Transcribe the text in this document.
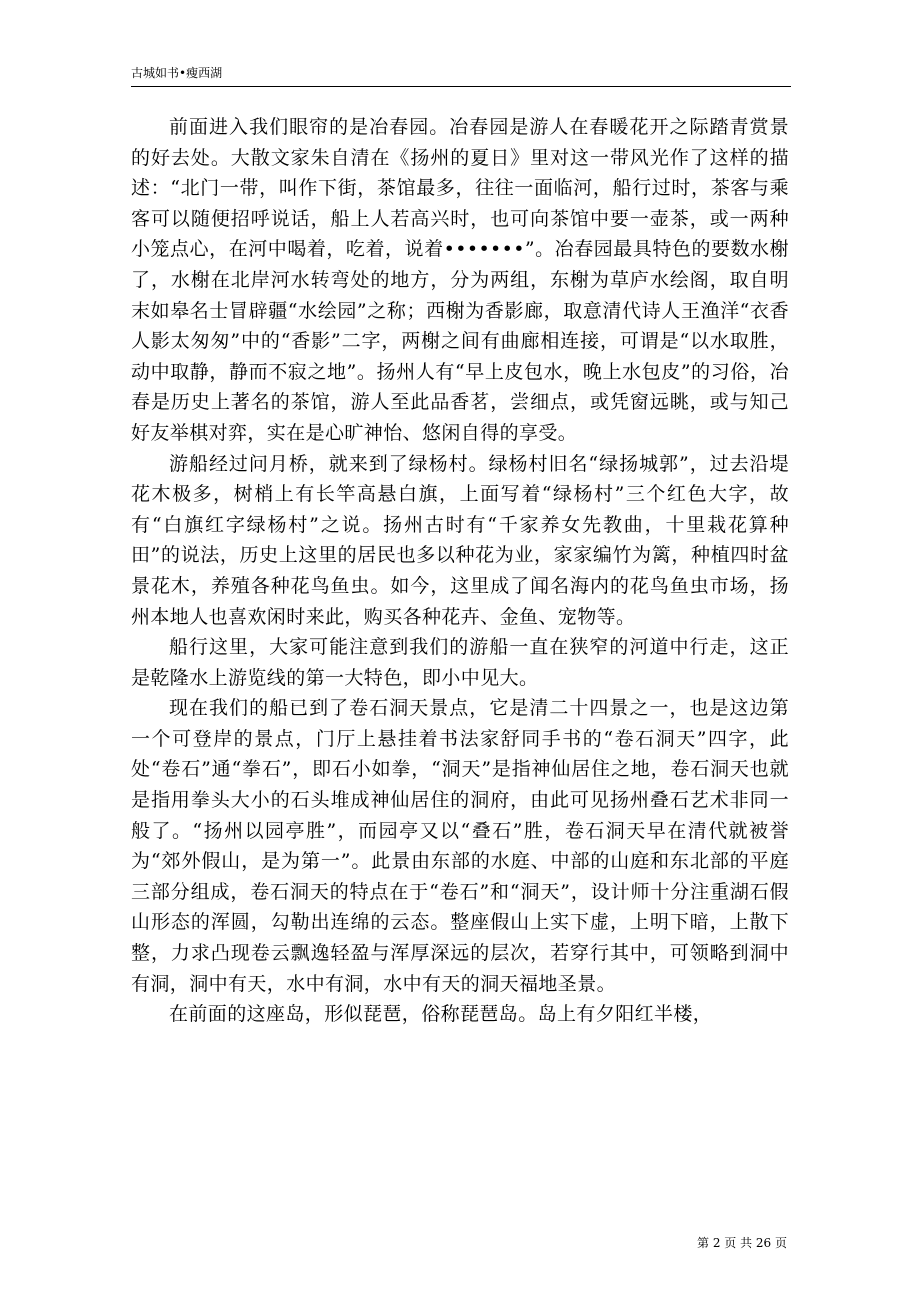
古城如书•瘦西湖

前面进入我们眼帘的是冶春园。冶春园是游人在春暖花开之际踏青赏景的好去处。大散文家朱自清在《扬州的夏日》里对这一带风光作了这样的描述：“北门一带，叫作下街，茶馆最多，往往一面临河，船行过时，茶客与乘客可以随便招呼说话，船上人若高兴时，也可向茶馆中要一壶茶，或一两种小笼点心，在河中喝着，吃着，说着•••••••”。冶春园最具特色的要数水榭了，水榭在北岸河水转弯处的地方，分为两组，东榭为草庐水绘阁，取自明末如皋名士冒辟疆“水绘园”之称；西榭为香影廊，取意清代诗人王渔洋“衣香人影太匆匆”中的“香影”二字，两榭之间有曲廊相连接，可谓是“以水取胜，动中取静，静而不寂之地”。扬州人有“早上皮包水，晚上水包皮”的习俗，冶春是历史上著名的茶馆，游人至此品香茗，尝细点，或凭窗远眺，或与知己好友举棋对弈，实在是心旷神怡、悠闲自得的享受。

游船经过问月桥，就来到了绿杨村。绿杨村旧名“绿扬城郭”，过去沿堤花木极多，树梢上有长竿高悬白旗，上面写着“绿杨村”三个红色大字，故有“白旗红字绿杨村”之说。扬州古时有“千家养女先教曲，十里栽花算种田”的说法，历史上这里的居民也多以种花为业，家家编竹为篱，种植四时盆景花木，养殖各种花鸟鱼虫。如今，这里成了闻名海内的花鸟鱼虫市场，扬州本地人也喜欢闲时来此，购买各种花卉、金鱼、宠物等。

船行这里，大家可能注意到我们的游船一直在狭窄的河道中行走，这正是乾隆水上游览线的第一大特色，即小中见大。

现在我们的船已到了卷石洞天景点，它是清二十四景之一，也是这边第一个可登岸的景点，门厅上悬挂着书法家舒同手书的“卷石洞天”四字，此处“卷石”通“拳石”，即石小如拳，“洞天”是指神仙居住之地，卷石洞天也就是指用拳头大小的石头堆成神仙居住的洞府，由此可见扬州叠石艺术非同一般了。“扬州以园亭胜”，而园亭又以“叠石”胜，卷石洞天早在清代就被誉为“郊外假山，是为第一”。此景由东部的水庭、中部的山庭和东北部的平庭三部分组成，卷石洞天的特点在于“卷石”和“洞天”，设计师十分注重湖石假山形态的浑圆，勾勒出连绵的云态。整座假山上实下虚，上明下暗，上散下整，力求凸现卷云飘逸轻盈与浑厚深远的层次，若穿行其中，可领略到洞中有洞，洞中有天，水中有洞，水中有天的洞天福地圣景。

在前面的这座岛，形似琵琶，俗称琵琶岛。岛上有夕阳红半楼，

第 2 页 共 26 页
